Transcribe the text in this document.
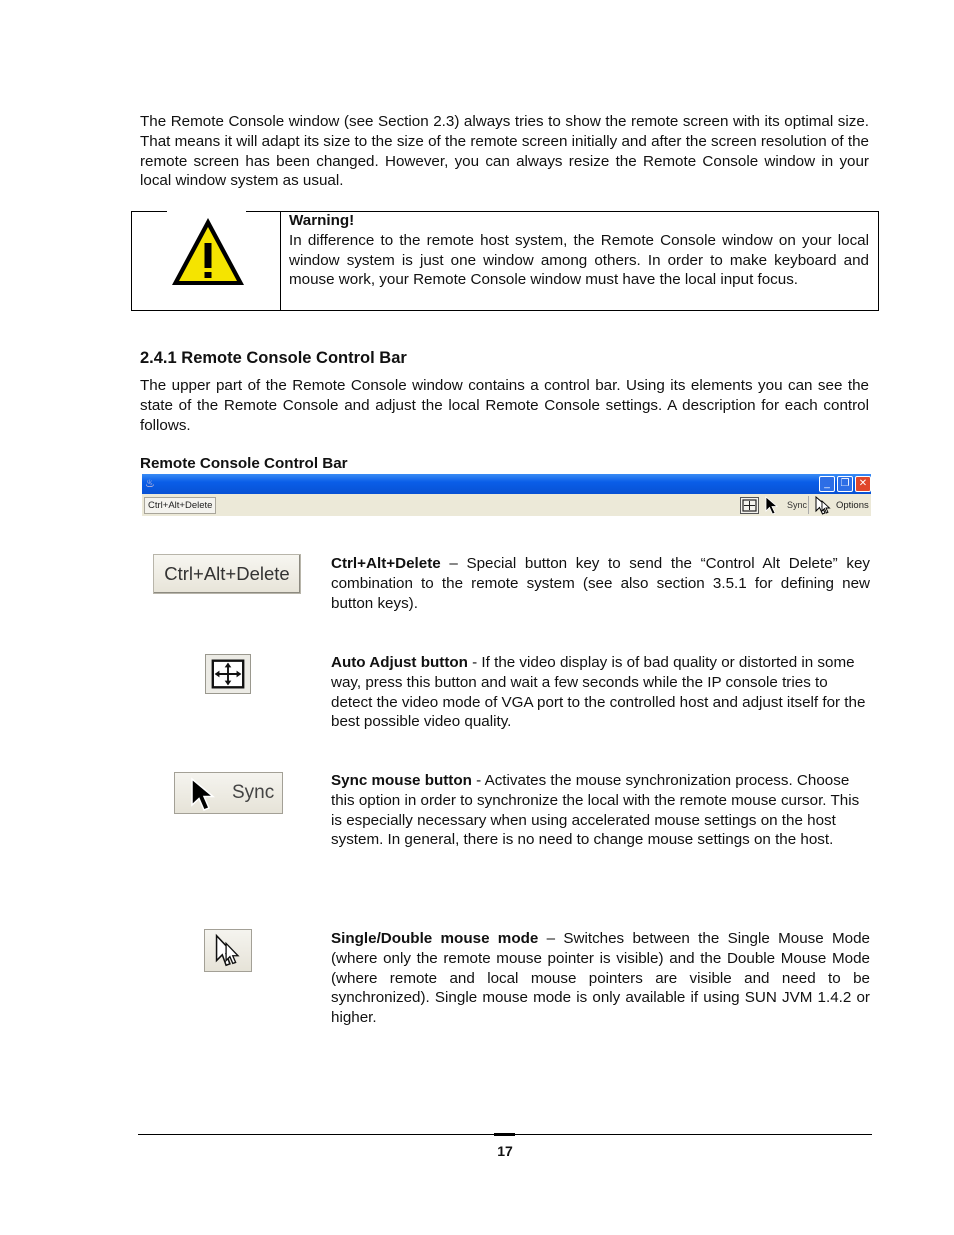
The Remote Console window (see Section 2.3) always tries to show the remote screen with its optimal size. That means it will adapt its size to the size of the remote screen initially and after the screen resolution of the remote screen has been changed. However, you can always resize the Remote Console window in your local window system as usual.

Warning!
In difference to the remote host system, the Remote Console window on your local window system is just one window among others. In order to make keyboard and mouse work, your Remote Console window must have the local input focus.

2.4.1 Remote Console Control Bar

The upper part of the Remote Console window contains a control bar. Using its elements you can see the state of the Remote Console and adjust the local Remote Console settings. A description for each control follows.

Remote Console Control Bar

♨	_	❐ ✕
Ctrl+Alt+Delete	Sync	Options
Ctrl+Alt+Delete	Ctrl+Alt+Delete – Special button key to send the “Control Alt Delete” key combination to the remote system (see also section 3.5.1 for defining new button keys).

Auto Adjust button - If the video display is of bad quality or distorted in some way, press this button and wait a few seconds while the IP console tries to detect the video mode of VGA port to the controlled host and adjust itself for the best possible video quality.

Sync

Sync mouse button - Activates the mouse synchronization process. Choose this option in order to synchronize the local with the remote mouse cursor. This is especially necessary when using accelerated mouse settings on the host system. In general, there is no need to change mouse settings on the host.

Single/Double mouse mode – Switches between the Single Mouse Mode (where only the remote mouse pointer is visible) and the Double Mouse Mode (where remote and local mouse pointers are visible and need to be synchronized). Single mouse mode is only available if using SUN JVM 1.4.2 or higher.

17
